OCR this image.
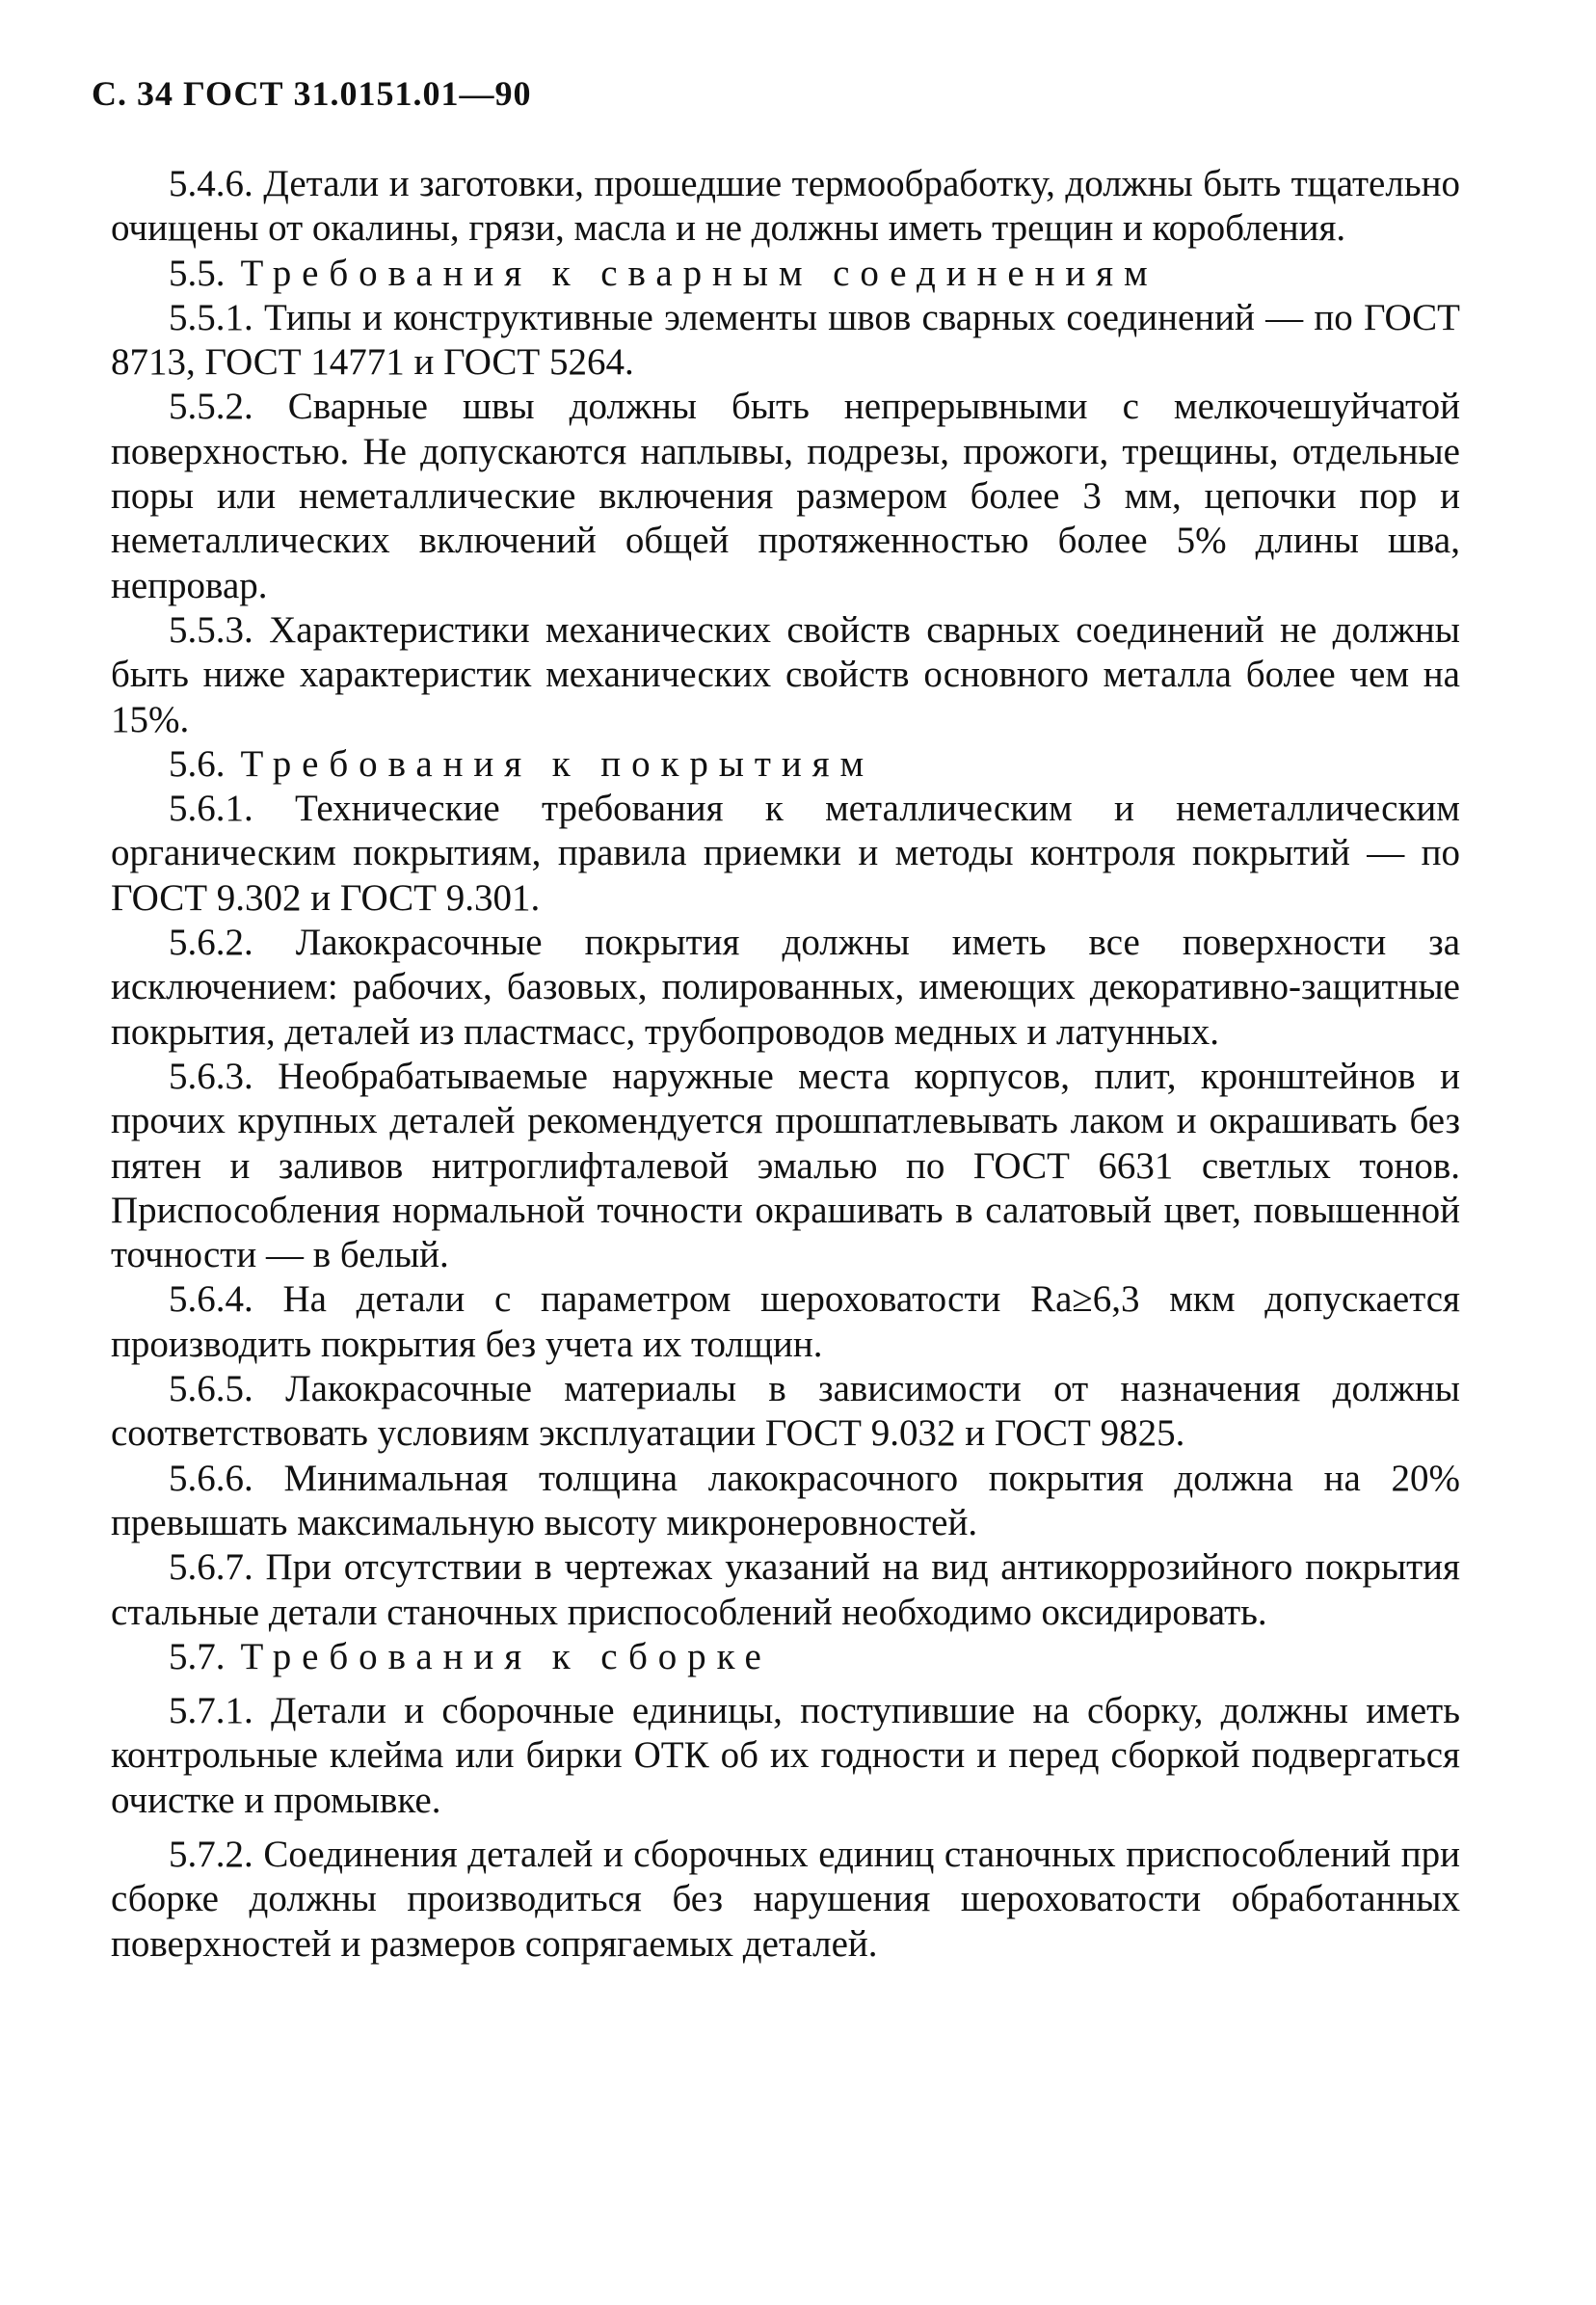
С. 34 ГОСТ 31.0151.01—90

5.4.6. Детали и заготовки, прошедшие термообработку, должны быть тщательно очищены от окалины, грязи, масла и не должны иметь трещин и коробления.

5.5. Требования к сварным соединениям

5.5.1. Типы и конструктивные элементы швов сварных соединений — по ГОСТ 8713, ГОСТ 14771 и ГОСТ 5264.

5.5.2. Сварные швы должны быть непрерывными с мелкочешуйчатой поверхностью. Не допускаются наплывы, подрезы, прожоги, трещины, отдельные поры или неметаллические включения размером более 3 мм, цепочки пор и неметаллических включений общей протяженностью более 5% длины шва, непровар.

5.5.3. Характеристики механических свойств сварных соединений не должны быть ниже характеристик механических свойств основного металла более чем на 15%.

5.6. Требования к покрытиям

5.6.1. Технические требования к металлическим и неметаллическим органическим покрытиям, правила приемки и методы контроля покрытий — по ГОСТ 9.302 и ГОСТ 9.301.

5.6.2. Лакокрасочные покрытия должны иметь все поверхности за исключением: рабочих, базовых, полированных, имеющих декоративно-защитные покрытия, деталей из пластмасс, трубопроводов медных и латунных.

5.6.3. Необрабатываемые наружные места корпусов, плит, кронштейнов и прочих крупных деталей рекомендуется прошпатлевывать лаком и окрашивать без пятен и заливов нитроглифталевой эмалью по ГОСТ 6631 светлых тонов. Приспособления нормальной точности окрашивать в салатовый цвет, повышенной точности — в белый.

5.6.4. На детали с параметром шероховатости Ra≥6,3 мкм допускается производить покрытия без учета их толщин.

5.6.5. Лакокрасочные материалы в зависимости от назначения должны соответствовать условиям эксплуатации ГОСТ 9.032 и ГОСТ 9825.

5.6.6. Минимальная толщина лакокрасочного покрытия должна на 20% превышать максимальную высоту микронеровностей.

5.6.7. При отсутствии в чертежах указаний на вид антикоррозийного покрытия стальные детали станочных приспособлений необходимо оксидировать.

5.7. Требования к сборке

5.7.1. Детали и сборочные единицы, поступившие на сборку, должны иметь контрольные клейма или бирки ОТК об их годности и перед сборкой подвергаться очистке и промывке.

5.7.2. Соединения деталей и сборочных единиц станочных приспособлений при сборке должны производиться без нарушения шероховатости обработанных поверхностей и размеров сопрягаемых деталей.
